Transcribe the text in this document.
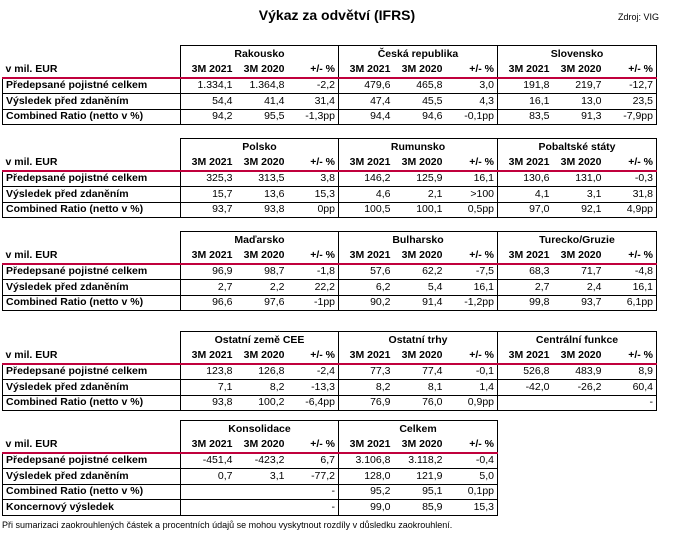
Výkaz za odvětví (IFRS)	Zdroj: VIG
	Rakousko			Česká republika			Slovensko		
v mil. EUR	3M 2021	3M 2020	+/- %	3M 2021	3M 2020	+/- %	3M 2021	3M 2020	+/- %
Předepsané pojistné celkem	1.334,1	1.364,8	-2,2	479,6	465,8	3,0	191,8	219,7	-12,7
Výsledek před zdaněním	54,4	41,4	31,4	47,4	45,5	4,3	16,1	13,0	23,5
Combined Ratio (netto v %)	94,2	95,5	-1,3pp	94,4	94,6	-0,1pp	83,5	91,3	-7,9pp
	Polsko			Rumunsko			Pobaltské státy		
v mil. EUR	3M 2021	3M 2020	+/- %	3M 2021	3M 2020	+/- %	3M 2021	3M 2020	+/- %
Předepsané pojistné celkem	325,3	313,5	3,8	146,2	125,9	16,1	130,6	131,0	-0,3
Výsledek před zdaněním	15,7	13,6	15,3	4,6	2,1	>100	4,1	3,1	31,8
Combined Ratio (netto v %)	93,7	93,8	0pp	100,5	100,1	0,5pp	97,0	92,1	4,9pp
	Maďarsko			Bulharsko			Turecko/Gruzie		
v mil. EUR	3M 2021	3M 2020	+/- %	3M 2021	3M 2020	+/- %	3M 2021	3M 2020	+/- %
Předepsané pojistné celkem	96,9	98,7	-1,8	57,6	62,2	-7,5	68,3	71,7	-4,8
Výsledek před zdaněním	2,7	2,2	22,2	6,2	5,4	16,1	2,7	2,4	16,1
Combined Ratio (netto v %)	96,6	97,6	-1pp	90,2	91,4	-1,2pp	99,8	93,7	6,1pp
	Ostatní země CEE			Ostatní trhy			Centrální funkce		
v mil. EUR	3M 2021	3M 2020	+/- %	3M 2021	3M 2020	+/- %	3M 2021	3M 2020	+/- %
Předepsané pojistné celkem	123,8	126,8	-2,4	77,3	77,4	-0,1	526,8	483,9	8,9
Výsledek před zdaněním	7,1	8,2	-13,3	8,2	8,1	1,4	-42,0	-26,2	60,4
Combined Ratio (netto v %)	93,8	100,2	-6,4pp	76,9	76,0	0,9pp			-
	Konsolidace			Celkem		
v mil. EUR	3M 2021	3M 2020	+/- %	3M 2021	3M 2020	+/- %
Předepsané pojistné celkem	-451,4	-423,2	6,7	3.106,8	3.118,2	-0,4
Výsledek před zdaněním	0,7	3,1	-77,2	128,0	121,9	5,0
Combined Ratio (netto v %)			-	95,2	95,1	0,1pp
Koncernový výsledek			-	99,0	85,9	15,3
Při sumarizaci zaokrouhlených částek a procentních údajů se mohou vyskytnout rozdíly v důsledku zaokrouhlení.
